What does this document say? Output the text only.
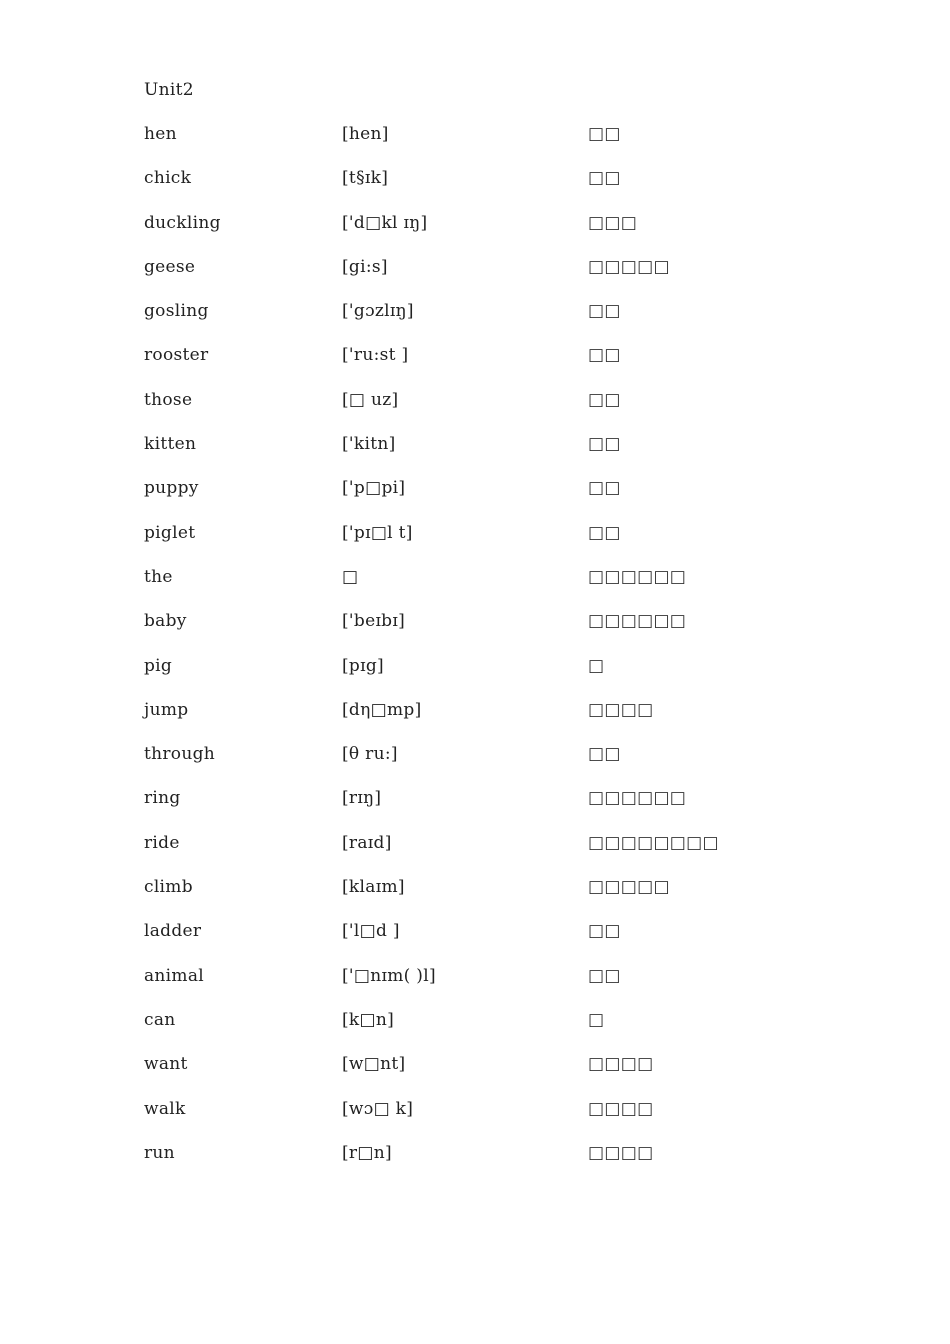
Unit2
hen	[hen]	□□
chick	[t§ɪk]	□□
duckling	['d□kl ɪŋ]	□□□
geese	[gi:s]	□□□□□
gosling	['gɔzlɪŋ]	□□
rooster	['ru:st ]	□□
those	[□ uz]	□□
kitten	['kitn]	□□
puppy	['p□pi]	□□
piglet	['pɪ□l t]	□□
the	□	□□□□□□
baby	['beɪbɪ]	□□□□□□
pig	[pɪg]	□
jump	[dη□mp]	□□□□
through	[θ ru:]	□□
ring	[rɪŋ]	□□□□□□
ride	[raɪd]	□□□□□□□□
climb	[klaɪm]	□□□□□
ladder	['l□d ]	□□
animal	['□nɪm( )l]	□□
can	[k□n]	□
want	[w□nt]	□□□□
walk	[wɔ□ k]	□□□□
run	[r□n]	□□□□
